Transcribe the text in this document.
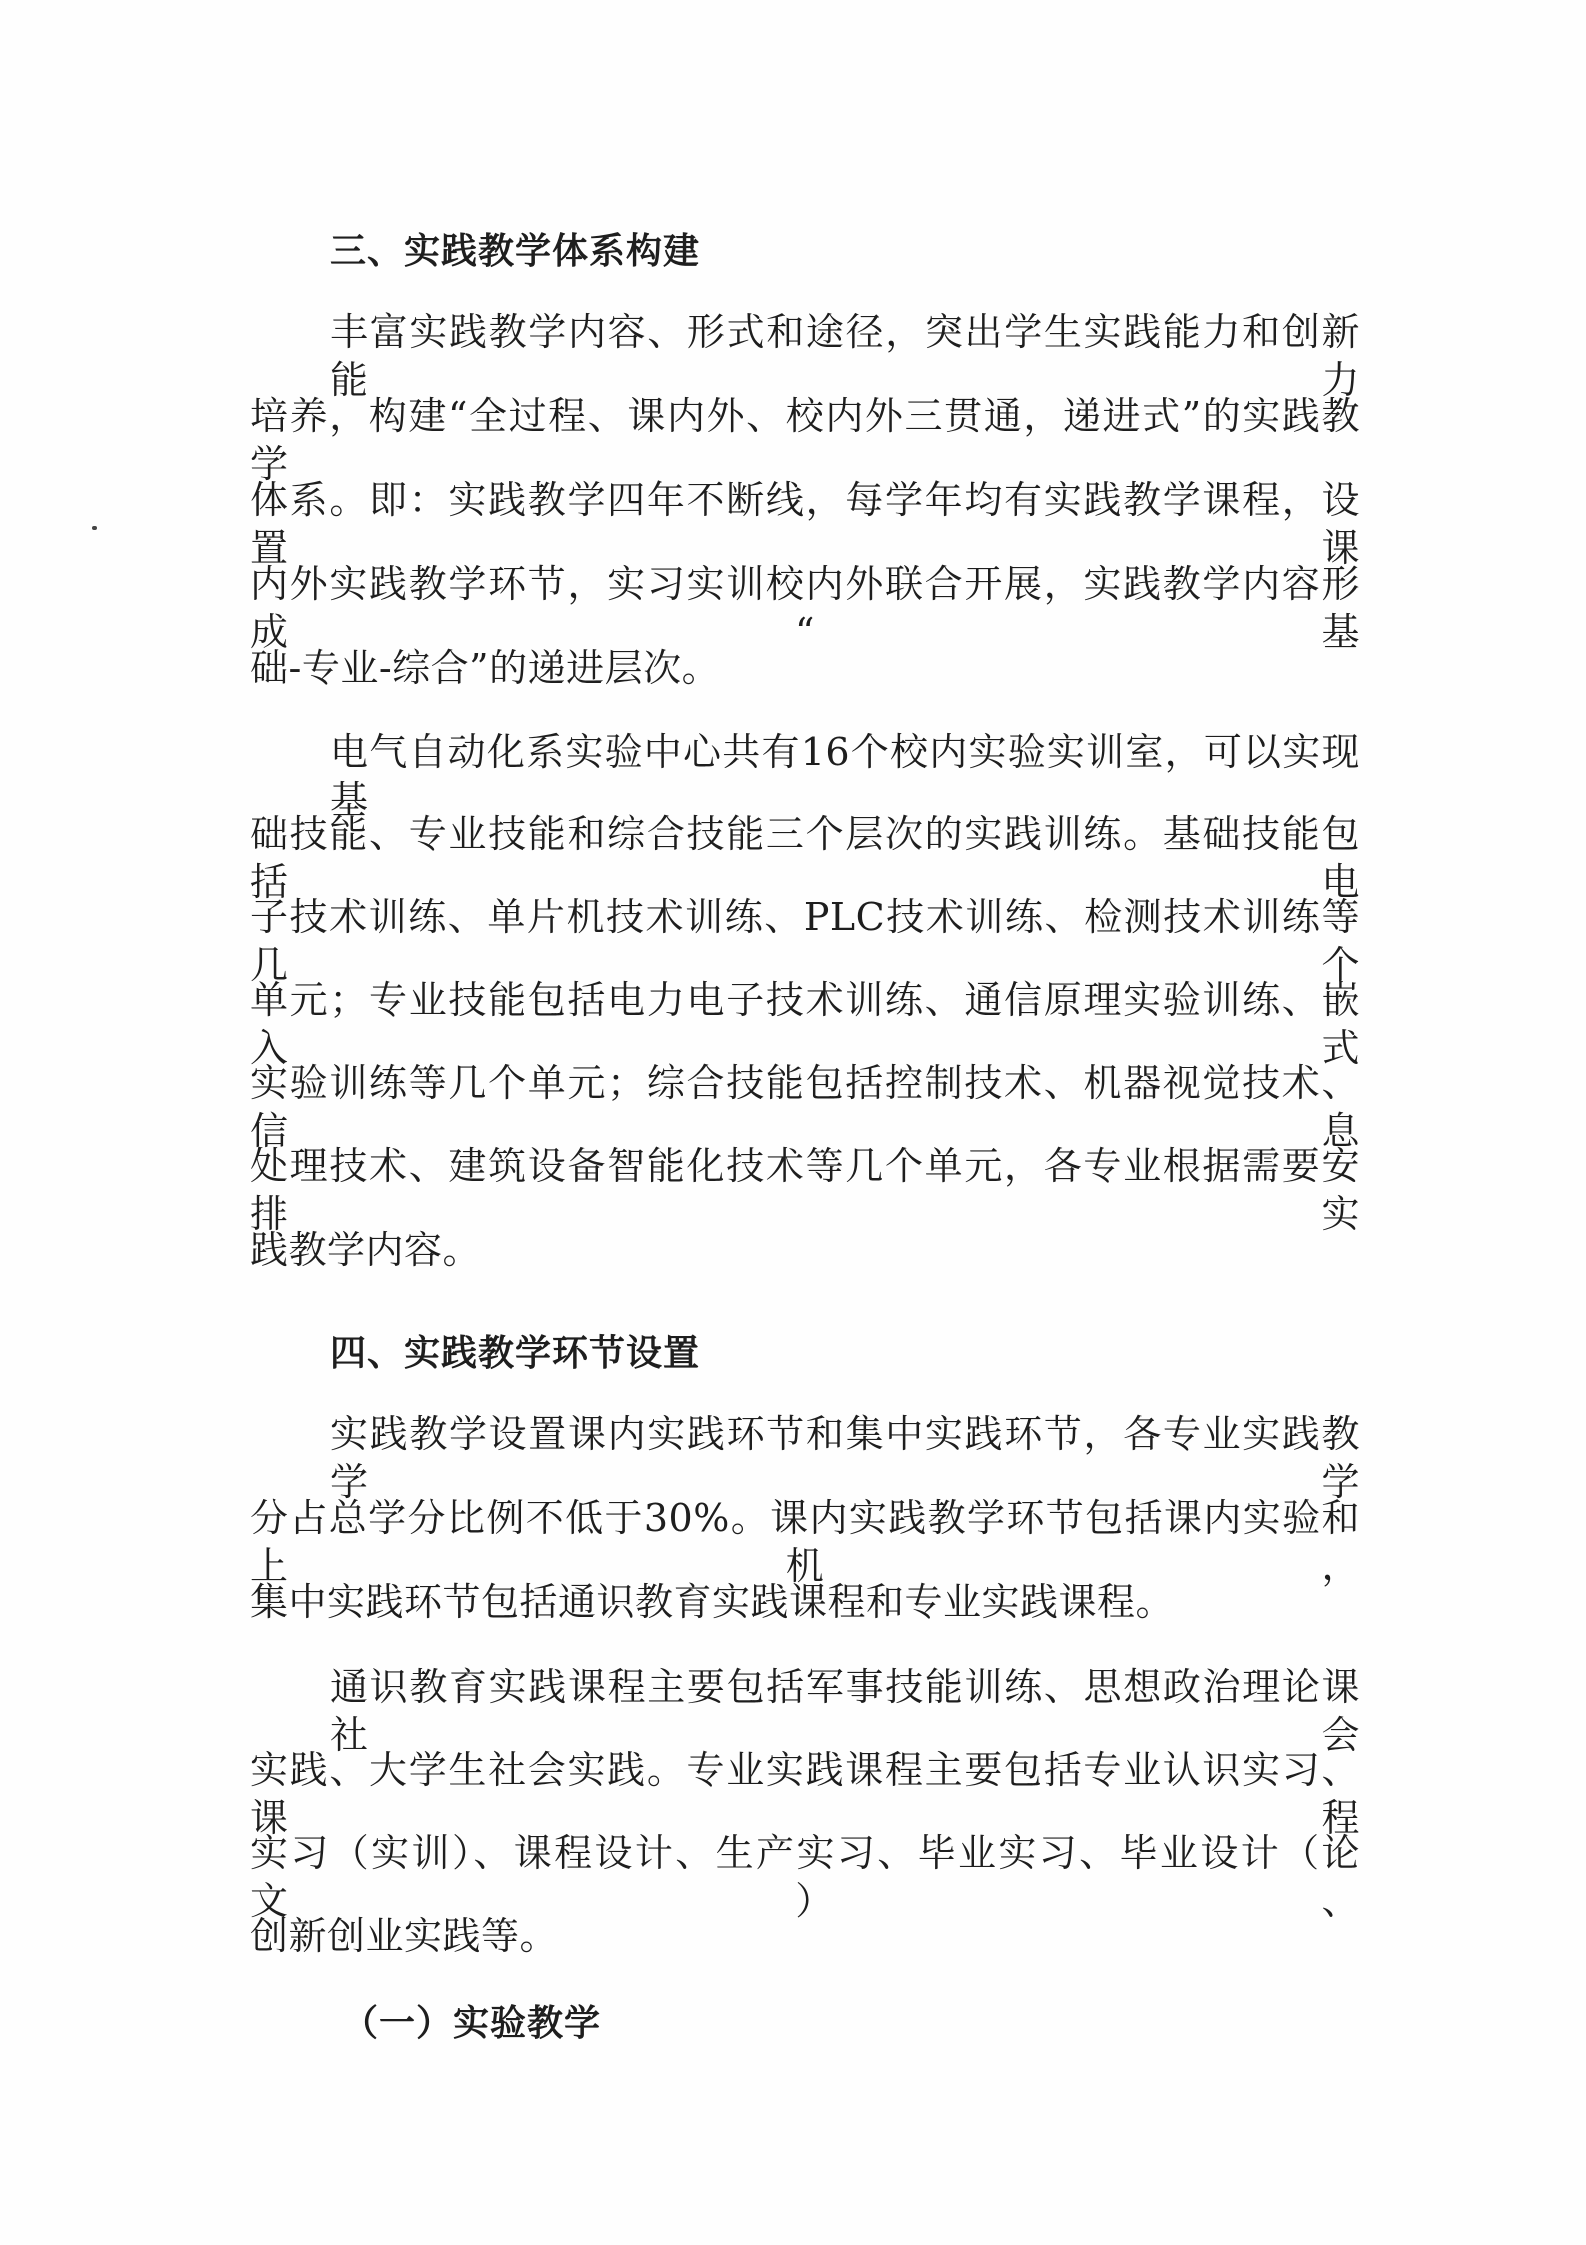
三、实践教学体系构建
丰富实践教学内容、形式和途径，突出学生实践能力和创新能力
培养，构建“全过程、课内外、校内外三贯通，递进式”的实践教学
体系。即：实践教学四年不断线，每学年均有实践教学课程，设置课
内外实践教学环节，实习实训校内外联合开展，实践教学内容形成“基
础-专业-综合”的递进层次。
电气自动化系实验中心共有16个校内实验实训室，可以实现基
础技能、专业技能和综合技能三个层次的实践训练。基础技能包括电
子技术训练、单片机技术训练、PLC技术训练、检测技术训练等几个
单元；专业技能包括电力电子技术训练、通信原理实验训练、嵌入式
实验训练等几个单元；综合技能包括控制技术、机器视觉技术、信息
处理技术、建筑设备智能化技术等几个单元，各专业根据需要安排实
践教学内容。
四、实践教学环节设置
实践教学设置课内实践环节和集中实践环节，各专业实践教学学
分占总学分比例不低于30%。课内实践教学环节包括课内实验和上机，
集中实践环节包括通识教育实践课程和专业实践课程。
通识教育实践课程主要包括军事技能训练、思想政治理论课社会
实践、大学生社会实践。专业实践课程主要包括专业认识实习、课程
实习（实训）、课程设计、生产实习、毕业实习、毕业设计（论文）、
创新创业实践等。
（一）实验教学
